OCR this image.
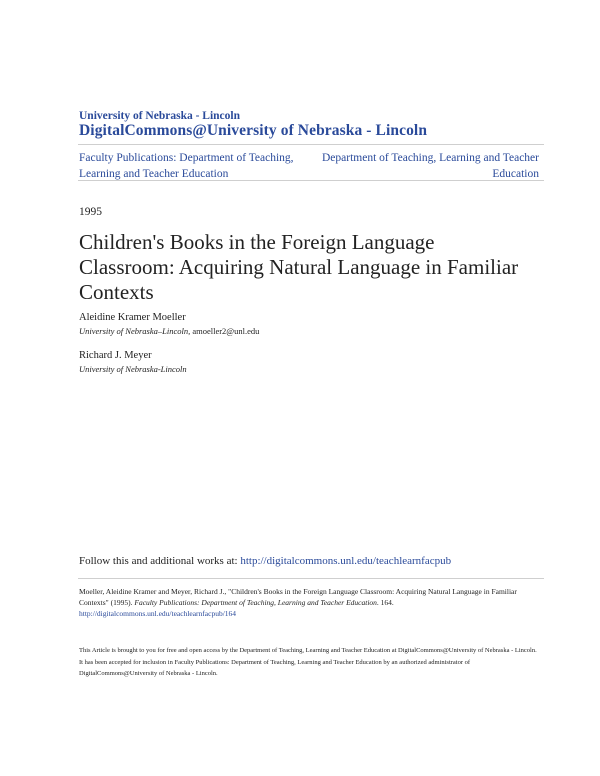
University of Nebraska - Lincoln
DigitalCommons@University of Nebraska - Lincoln
Faculty Publications: Department of Teaching, Learning and Teacher Education
Department of Teaching, Learning and Teacher Education
1995
Children's Books in the Foreign Language Classroom: Acquiring Natural Language in Familiar Contexts
Aleidine Kramer Moeller
University of Nebraska–Lincoln, amoeller2@unl.edu
Richard J. Meyer
University of Nebraska-Lincoln
Follow this and additional works at: http://digitalcommons.unl.edu/teachlearnfacpub
Moeller, Aleidine Kramer and Meyer, Richard J., "Children's Books in the Foreign Language Classroom: Acquiring Natural Language in Familiar Contexts" (1995). Faculty Publications: Department of Teaching, Learning and Teacher Education. 164.
http://digitalcommons.unl.edu/teachlearnfacpub/164
This Article is brought to you for free and open access by the Department of Teaching, Learning and Teacher Education at DigitalCommons@University of Nebraska - Lincoln. It has been accepted for inclusion in Faculty Publications: Department of Teaching, Learning and Teacher Education by an authorized administrator of DigitalCommons@University of Nebraska - Lincoln.
